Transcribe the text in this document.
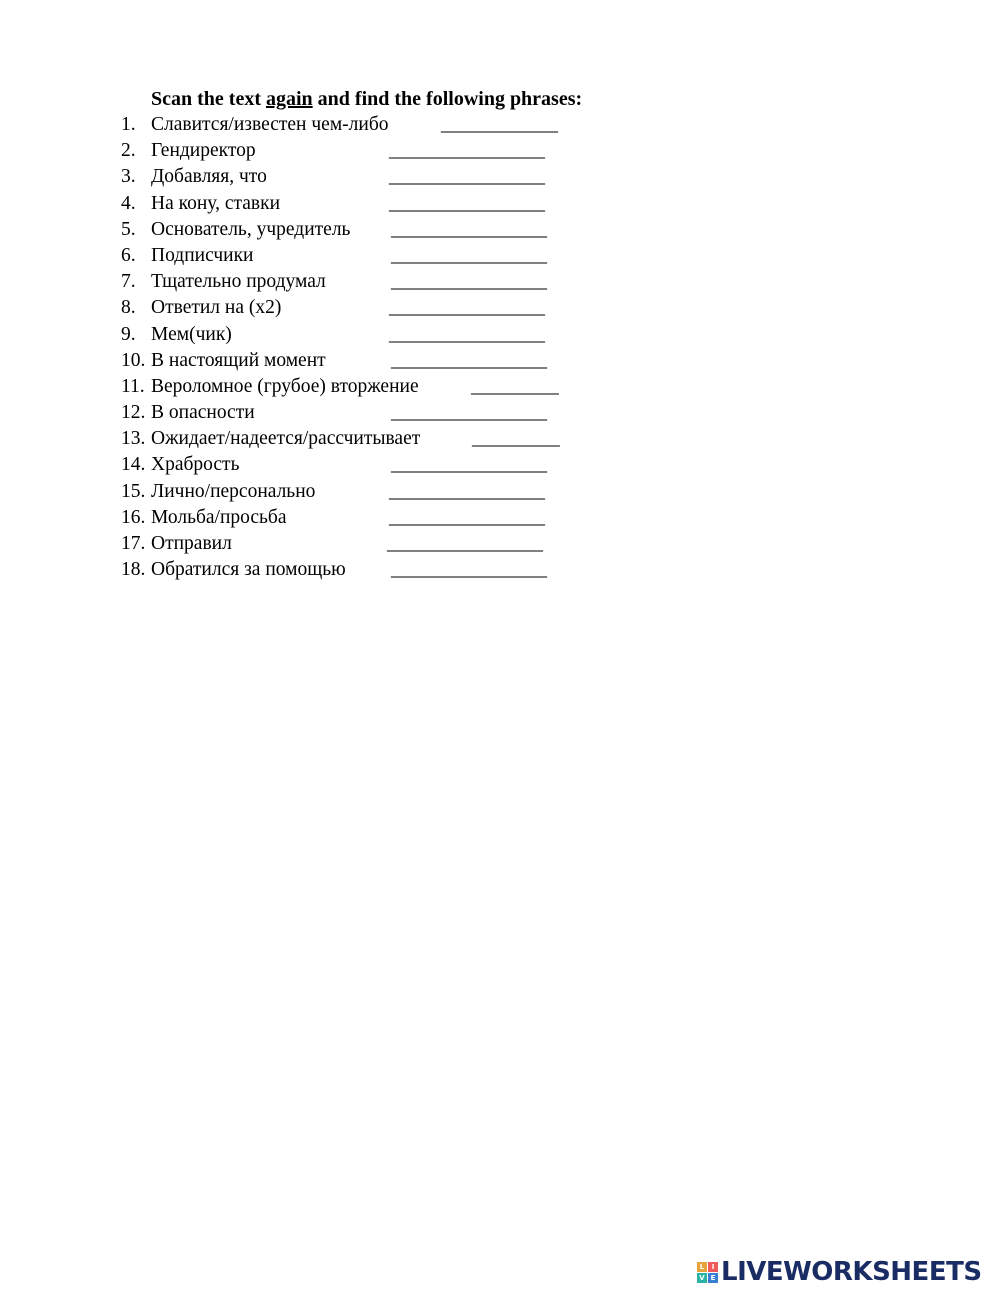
Scan the text again and find the following phrases:

1. Славится/известен чем-либо	____________
2. Гендиректор	________________
3. Добавляя, что	________________
4. На кону, ставки	________________
5. Основатель, учредитель ________________
6. Подписчики	________________
7. Тщательно продумал	________________
8. Ответил на (x2)	________________
9. Мем(чик)	________________
10. В настоящий момент	________________
11. Вероломное (грубое) вторжение	_________
12. В опасности	________________
13. Ожидает/надеется/рассчитывает	_________
14. Храбрость	________________
15. Лично/персонально	________________
16. Мольба/просьба	________________
17. Отправил	________________
18. Обратился за помощью ________________
L	I
V E LIVEWORKSHEETS
